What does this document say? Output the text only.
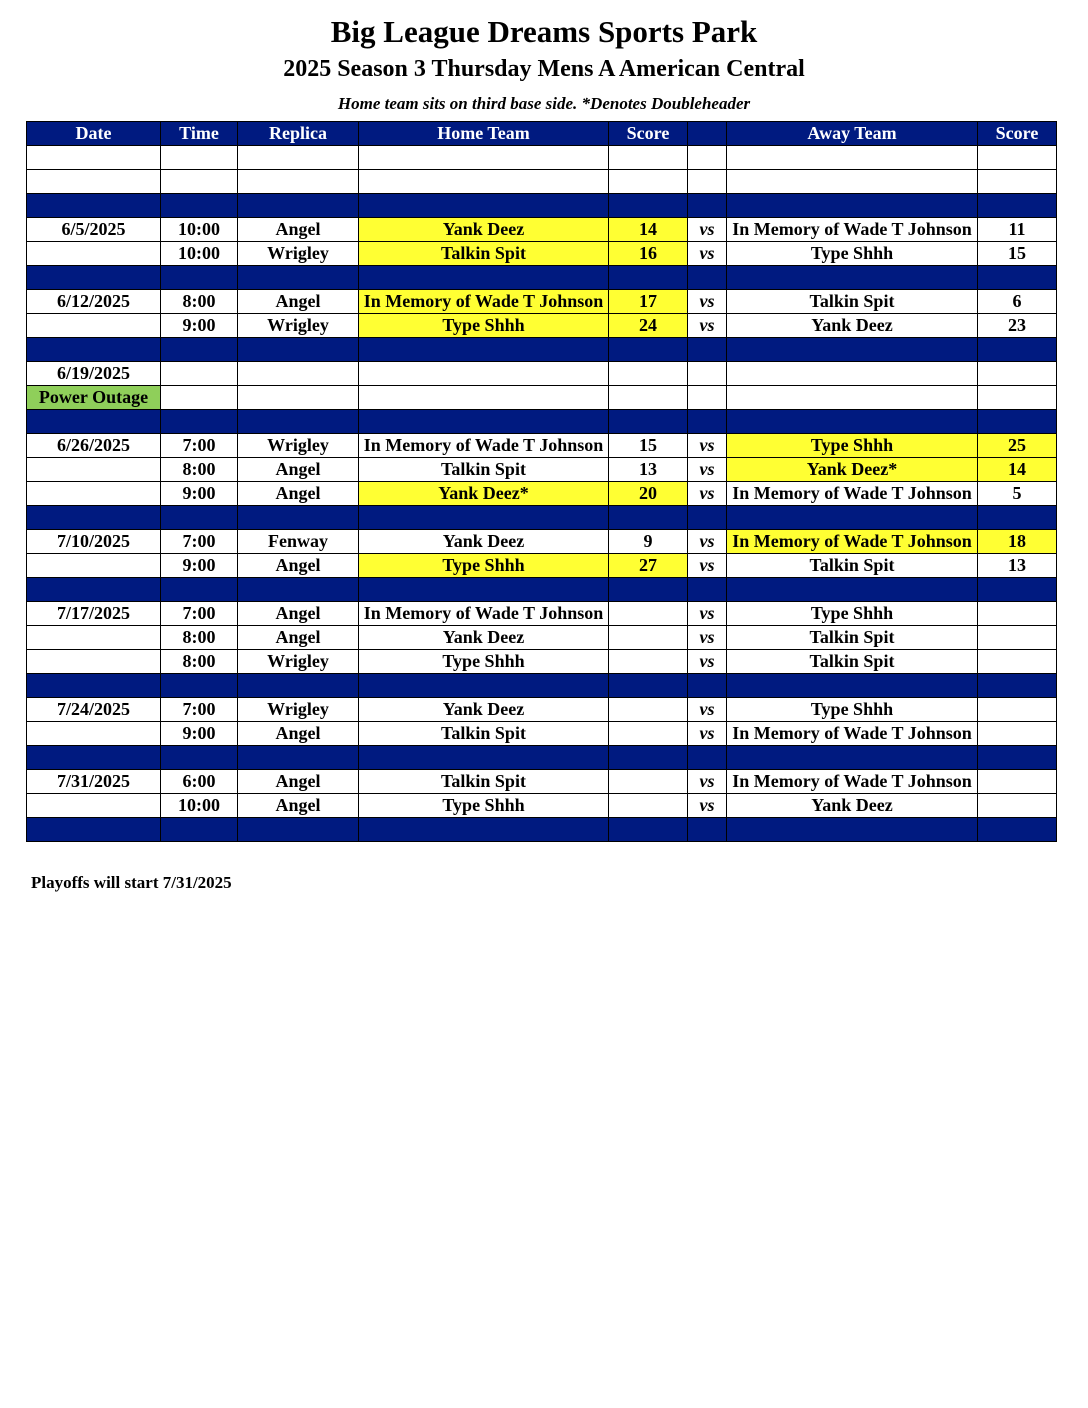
Big League Dreams Sports Park
2025 Season 3 Thursday Mens A American Central
Home team sits on third base side. *Denotes Doubleheader
Date	Time	Replica	Home Team	Score		Away Team	Score

6/5/2025	10:00	Angel	Yank Deez	14	vs	In Memory of Wade T Johnson	11
	10:00	Wrigley	Talkin Spit	16	vs	Type Shhh	15

6/12/2025	8:00	Angel	In Memory of Wade T Johnson	17	vs	Talkin Spit	6
	9:00	Wrigley	Type Shhh	24	vs	Yank Deez	23

6/19/2025							
Power Outage							

6/26/2025	7:00	Wrigley	In Memory of Wade T Johnson	15	vs	Type Shhh	25
	8:00	Angel	Talkin Spit	13	vs	Yank Deez*	14
	9:00	Angel	Yank Deez*	20	vs	In Memory of Wade T Johnson	5

7/10/2025	7:00	Fenway	Yank Deez	9	vs	In Memory of Wade T Johnson	18
	9:00	Angel	Type Shhh	27	vs	Talkin Spit	13

7/17/2025	7:00	Angel	In Memory of Wade T Johnson		vs	Type Shhh	
	8:00	Angel	Yank Deez		vs	Talkin Spit	
	8:00	Wrigley	Type Shhh		vs	Talkin Spit	

7/24/2025	7:00	Wrigley	Yank Deez		vs	Type Shhh	
	9:00	Angel	Talkin Spit		vs	In Memory of Wade T Johnson	

7/31/2025	6:00	Angel	Talkin Spit		vs	In Memory of Wade T Johnson	
	10:00	Angel	Type Shhh		vs	Yank Deez	

Playoffs will start 7/31/2025
